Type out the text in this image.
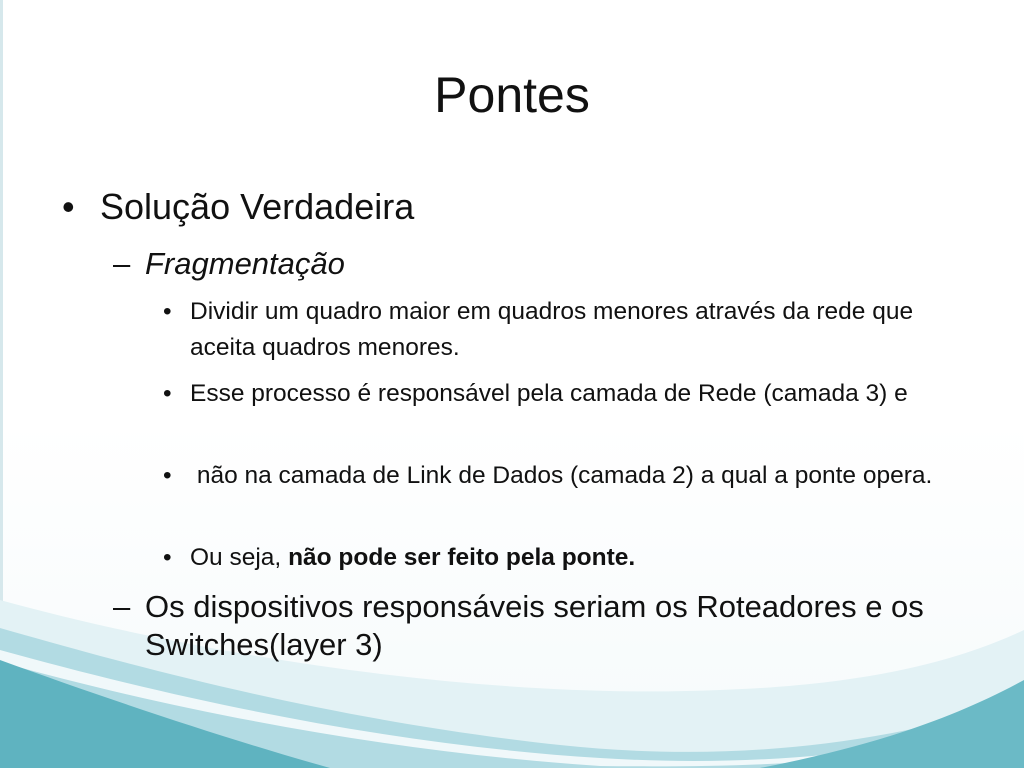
Pontes
• Solução Verdadeira

– Fragmentação

• Dividir um quadro maior em quadros menores através da rede que aceita quadros menores.

• Esse processo é responsável pela camada de Rede (camada 3) e

• não na camada de Link de Dados (camada 2) a qual a ponte opera.

• Ou seja, não pode ser feito pela ponte.

– Os dispositivos responsáveis seriam os Roteadores e os Switches(layer 3)
